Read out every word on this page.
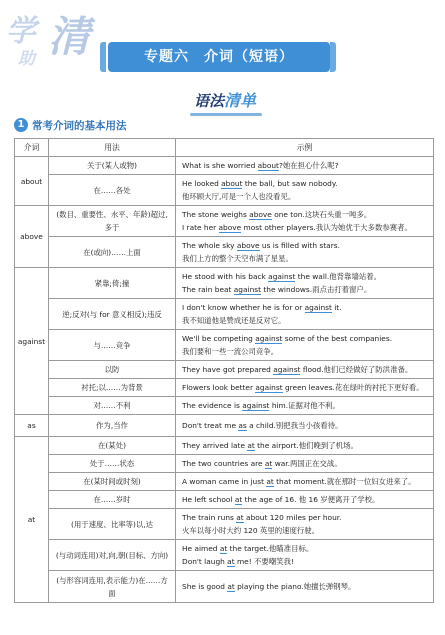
学 清
助	专题六　介词（短语）
语法清单
1 常考介词的基本用法
介词	用法	示例
about	关于(某人或物)	What is she worried about?她在担心什么呢?

	在……各处	He looked about the ball, but saw nobody.
他环顾大厅,可是一个人也没看见。

above	(数目、重要性、水平、年龄)超过,多于	The stone weighs above one ton.这块石头重一吨多。
I rate her above most other players.我认为她优于大多数参赛者。

	在(或向)……上面	The whole sky above us is filled with stars.
我们上方的整个天空布满了星星。

against	紧靠;倚;撞	He stood with his back against the wall.他背靠墙站着。
The rain beat against the windows.雨点击打着窗户。

	逆;反对(与 for 意义相反);违反	I don't know whether he is for or against it.
我不知道他是赞成还是反对它。

	与……竞争	We'll be competing against some of the best companies.
我们要和一些一流公司竞争。

	以防	They have got prepared against flood.他们已经做好了防洪准备。

	衬托;以……为背景	Flowers look better against green leaves.花在绿叶的衬托下更好看。

	对……不利	The evidence is against him.证据对他不利。

as	作为,当作	Don't treat me as a child.别把我当小孩看待。

at	在(某处)	They arrived late at the airport.他们晚到了机场。

	处于……状态	The two countries are at war.两国正在交战。

	在(某时间或时刻)	A woman came in just at that moment.就在那时一位妇女进来了。

	在……岁时	He left school at the age of 16. 他 16 岁便离开了学校。

	(用于速度、比率等)以,达	The train runs at about 120 miles per hour.
火车以每小时大约 120 英里的速度行驶。

	(与动词连用)对,向,朝(目标、方向)	He aimed at the target.他瞄准目标。
Don't laugh at me! 不要嘲笑我!

	(与形容词连用,表示能力)在……方面	She is good at playing the piano.她擅长弹钢琴。
